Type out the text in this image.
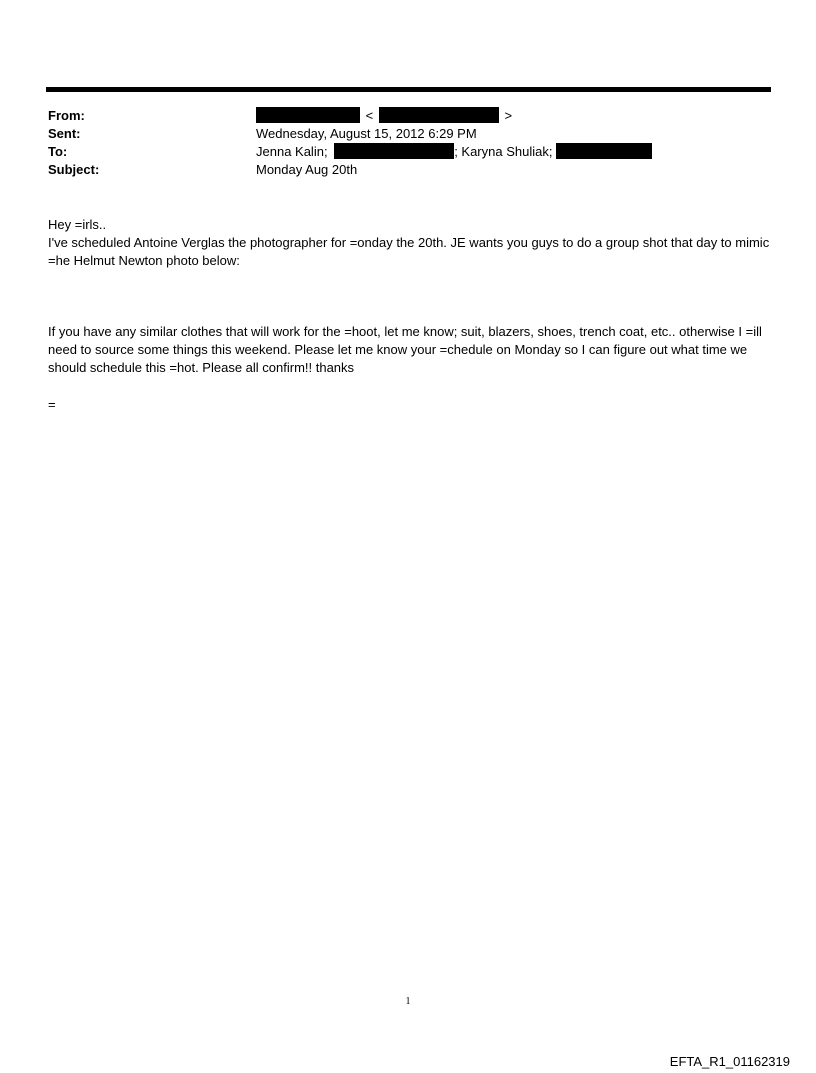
From:	<	>
Sent:	Wednesday, August 15, 2012 6:29 PM
To:	Jenna Kalin;	; Karyna Shuliak;
Subject:	Monday Aug 20th

Hey =irls..

I've scheduled Antoine Verglas the photographer for =onday the 20th. JE wants you guys to do a group shot that day to mimic =he Helmut Newton photo below:

If you have any similar clothes that will work for the =hoot, let me know; suit, blazers, shoes, trench coat, etc.. otherwise I =ill need to source some things this weekend. Please let me know your =chedule on Monday so I can figure out what time we should schedule this =hot. Please all confirm!! thanks

=

1
EFTA_R1_01162319
